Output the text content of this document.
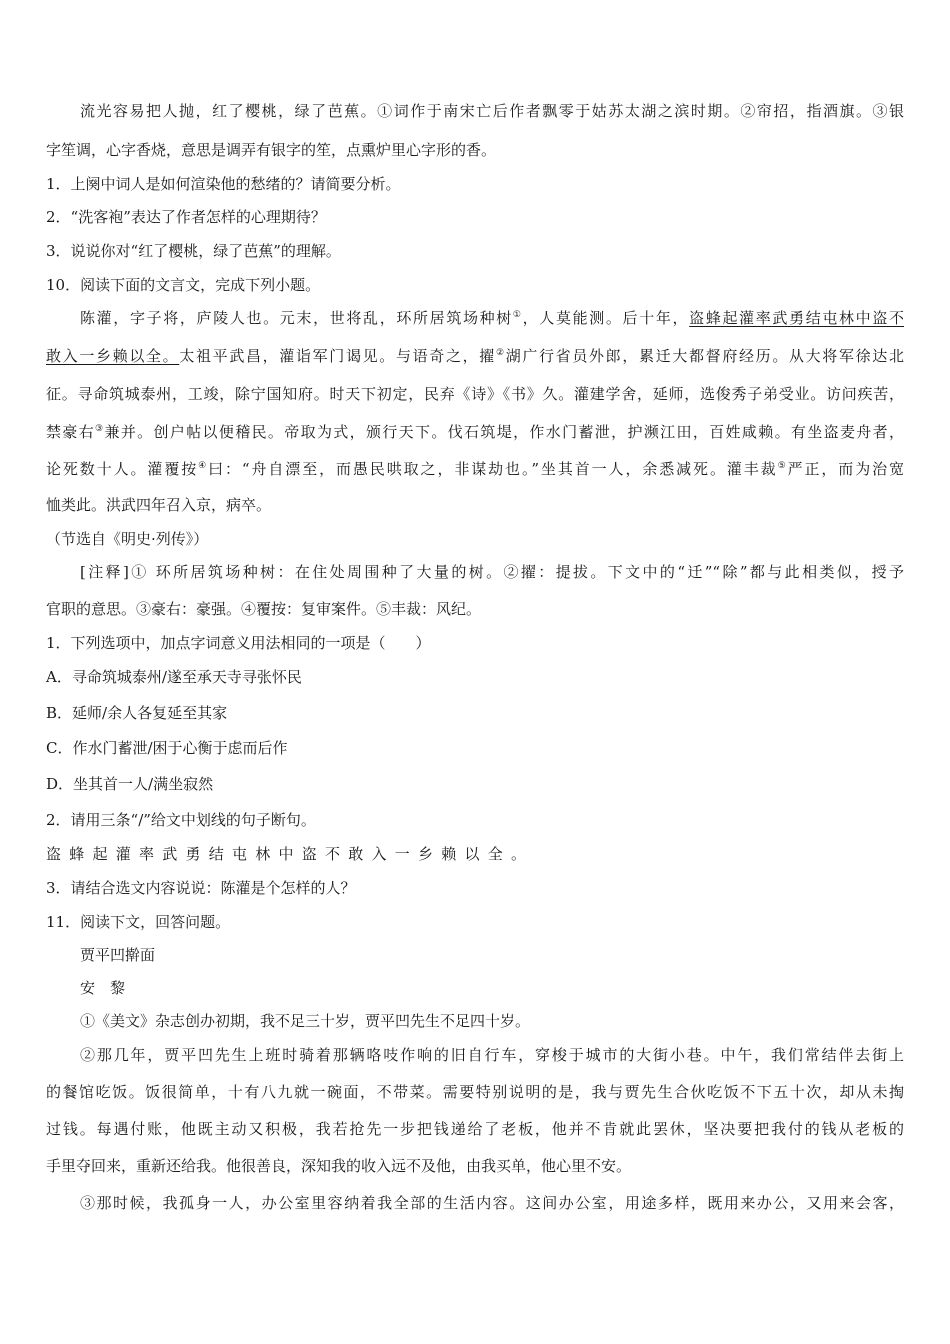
流光容易把人抛，红了樱桃，绿了芭蕉。①词作于南宋亡后作者飘零于姑苏太湖之滨时期。②帘招，指酒旗。③银
字笙调，心字香烧，意思是调弄有银字的笙，点熏炉里心字形的香。
1．上阕中词人是如何渲染他的愁绪的？请简要分析。
2．“洗客袍”表达了作者怎样的心理期待？
3．说说你对“红了樱桃，绿了芭蕉”的理解。
10．阅读下面的文言文，完成下列小题。
陈灌，字子将，庐陵人也。元末，世将乱，环所居筑场种树①，人莫能测。后十年，盗蜂起灌率武勇结屯林中盗不
敢入一乡赖以全。太祖平武昌，灌诣军门谒见。与语奇之，擢②湖广行省员外郎，累迁大都督府经历。从大将军徐达北
征。寻命筑城泰州，工竣，除宁国知府。时天下初定，民弃《诗》《书》久。灌建学舍，延师，选俊秀子弟受业。访问疾苦，
禁豪右③兼并。创户帖以便稽民。帝取为式，颁行天下。伐石筑堤，作水门蓄泄，护濒江田，百姓咸赖。有坐盗麦舟者，
论死数十人。灌覆按④曰：“舟自漂至，而愚民哄取之，非谋劫也。”坐其首一人，余悉减死。灌丰裁⑤严正，而为治宽
恤类此。洪武四年召入京，病卒。
（节选自《明史·列传》）
[注释]① 环所居筑场种树：在住处周围种了大量的树。②擢：提拔。下文中的“迁”“除”都与此相类似，授予
官职的意思。③豪右：豪强。④覆按：复审案件。⑤丰裁：风纪。
1．下列选项中，加点字词意义用法相同的一项是（　　）
A．寻命筑城泰州/遂至承天寺寻张怀民
B．延师/余人各复延至其家
C．作水门蓄泄/困于心衡于虑而后作
D．坐其首一人/满坐寂然
2．请用三条“/”给文中划线的句子断句。
盗蜂起灌率武勇结屯林中盗不敢入一乡赖以全。
3．请结合选文内容说说：陈灌是个怎样的人？
11．阅读下文，回答问题。
贾平凹擀面
安　黎
①《美文》杂志创办初期，我不足三十岁，贾平凹先生不足四十岁。
②那几年，贾平凹先生上班时骑着那辆咯吱作响的旧自行车，穿梭于城市的大街小巷。中午，我们常结伴去街上
的餐馆吃饭。饭很简单，十有八九就一碗面，不带菜。需要特别说明的是，我与贾先生合伙吃饭不下五十次，却从未掏
过钱。每遇付账，他既主动又积极，我若抢先一步把钱递给了老板，他并不肯就此罢休，坚决要把我付的钱从老板的
手里夺回来，重新还给我。他很善良，深知我的收入远不及他，由我买单，他心里不安。
③那时候，我孤身一人，办公室里容纳着我全部的生活内容。这间办公室，用途多样，既用来办公，又用来会客，
